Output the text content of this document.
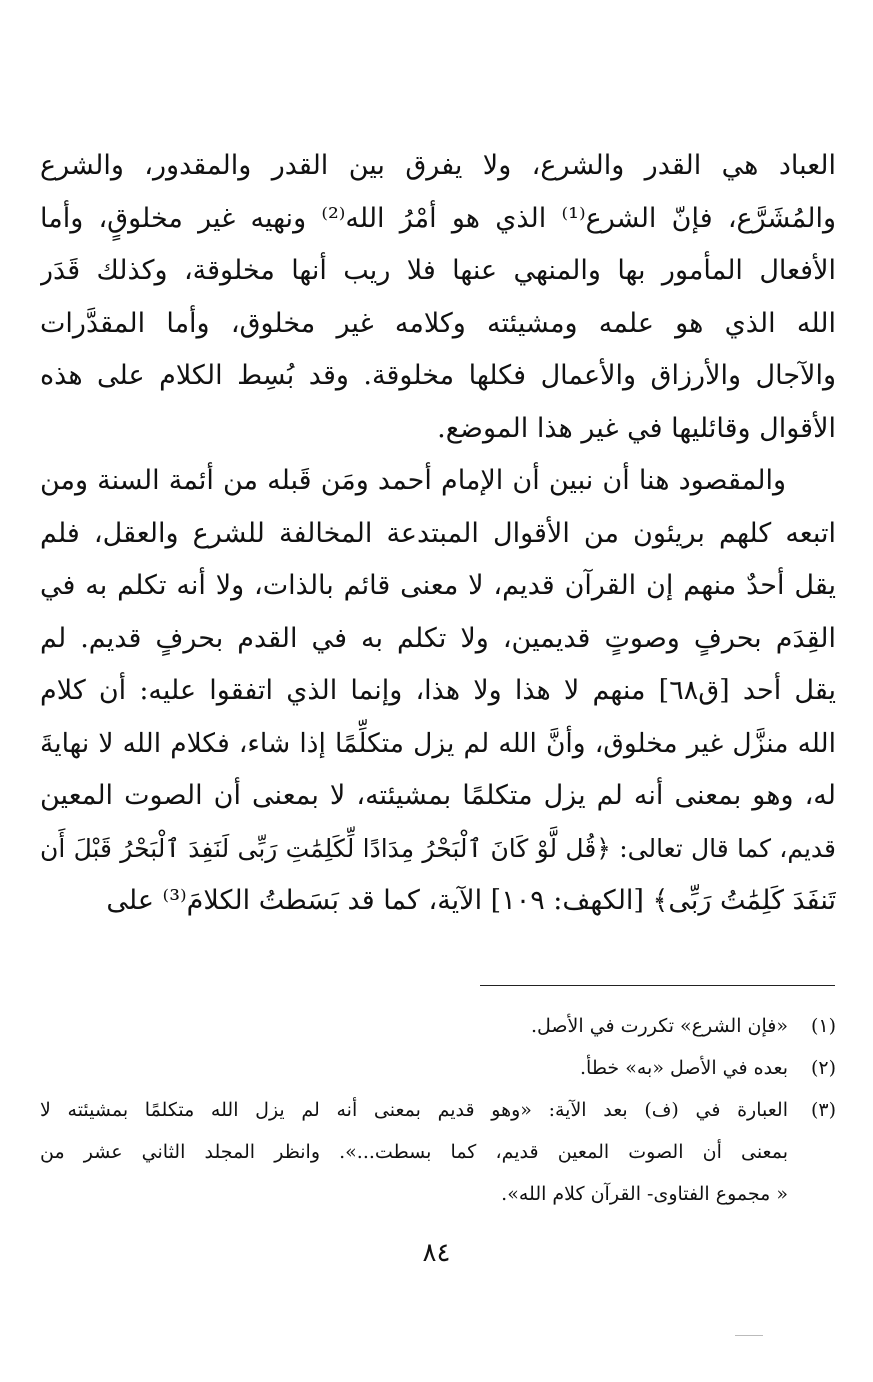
العباد هي القدر والشرع، ولا يفرق بين القدر والمقدور، والشرع
والمُشَرَّع، فإنّ الشرع⁽¹⁾ الذي هو أمْرُ الله⁽²⁾ ونهيه غير مخلوقٍ، وأما
الأفعال المأمور بها والمنهي عنها فلا ريب أنها مخلوقة، وكذلك قَدَر
الله الذي هو علمه ومشيئته وكلامه غير مخلوق، وأما المقدَّرات
والآجال والأرزاق والأعمال فكلها مخلوقة. وقد بُسِط الكلام على هذه
الأقوال وقائليها في غير هذا الموضع.
والمقصود هنا أن نبين أن الإمام أحمد ومَن قَبله من أئمة السنة ومن
اتبعه كلهم بريئون من الأقوال المبتدعة المخالفة للشرع والعقل، فلم
يقل أحدٌ منهم إن القرآن قديم، لا معنى قائم بالذات، ولا أنه تكلم به في
القِدَم بحرفٍ وصوتٍ قديمين، ولا تكلم به في القدم بحرفٍ قديم. لم
يقل أحد [ق٦٨] منهم لا هذا ولا هذا، وإنما الذي اتفقوا عليه: أن كلام
الله منزَّل غير مخلوق، وأنَّ الله لم يزل متكلِّمًا إذا شاء، فكلام الله لا نهايةَ
له، وهو بمعنى أنه لم يزل متكلمًا بمشيئته، لا بمعنى أن الصوت المعين
قديم، كما قال تعالى: ﴿قُل لَّوْ كَانَ ٱلْبَحْرُ مِدَادًا لِّكَلِمَٰتِ رَبِّى لَنَفِدَ ٱلْبَحْرُ قَبْلَ أَن
تَنفَدَ كَلِمَٰتُ رَبِّى﴾ [الكهف: ١٠٩] الآية، كما قد بَسَطتُ الكلامَ⁽³⁾ على
(١)
«فإن الشرع» تكررت في الأصل.
(٢)
بعده في الأصل «به» خطأ.
(٣)
العبارة في (ف) بعد الآية: «وهو قديم بمعنى أنه لم يزل الله متكلمًا بمشيئته لا
بمعنى أن الصوت المعين قديم، كما بسطت...». وانظر المجلد الثاني عشر من
« مجموع الفتاوى- القرآن كلام الله».
٨٤
